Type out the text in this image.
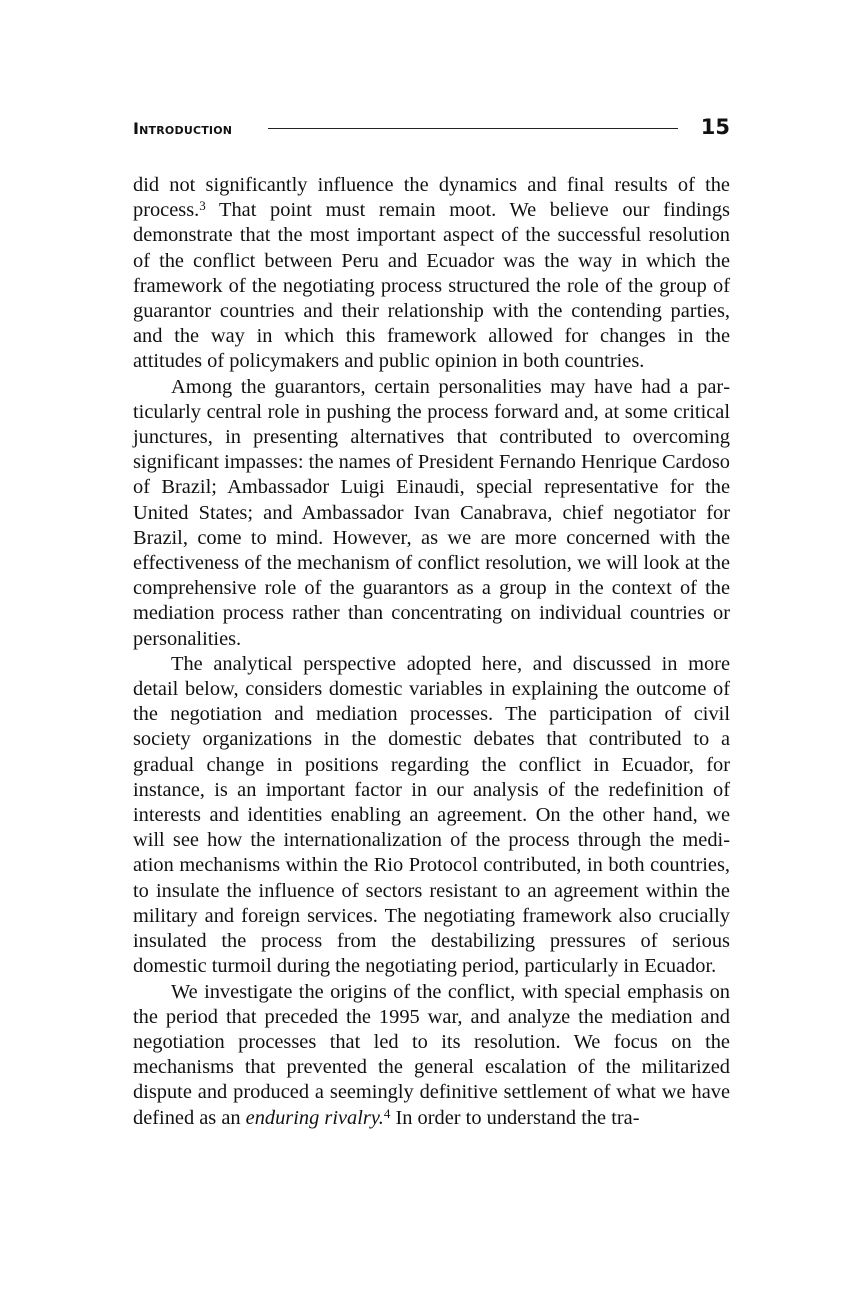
Introduction	15

did not significantly influence the dynamics and final results of the process.$^3$ That point must remain moot. We believe our findings demonstrate that the most important aspect of the successful resolution of the conflict between Peru and Ecuador was the way in which the framework of the negotiating process structured the role of the group of guarantor countries and their relationship with the contending parties, and the way in which this framework allowed for changes in the attitudes of policymakers and public opinion in both countries.

Among the guarantors, certain personalities may have had a particularly central role in pushing the process forward and, at some critical junctures, in presenting alternatives that contributed to overcoming significant impasses: the names of President Fernando Henrique Cardoso of Brazil; Ambassador Luigi Einaudi, special representative for the United States; and Ambassador Ivan Canabrava, chief negotiator for Brazil, come to mind. However, as we are more concerned with the effectiveness of the mechanism of conflict resolution, we will look at the comprehensive role of the guarantors as a group in the context of the mediation process rather than concentrating on individual countries or personalities.

The analytical perspective adopted here, and discussed in more detail below, considers domestic variables in explaining the outcome of the negotiation and mediation processes. The participation of civil society organizations in the domestic debates that contributed to a gradual change in positions regarding the conflict in Ecuador, for instance, is an important factor in our analysis of the redefinition of interests and identities enabling an agreement. On the other hand, we will see how the internationalization of the process through the mediation mechanisms within the Rio Protocol contributed, in both countries, to insulate the influence of sectors resistant to an agreement within the military and foreign services. The negotiating framework also crucially insulated the process from the destabilizing pressures of serious domestic turmoil during the negotiating period, particularly in Ecuador.

We investigate the origins of the conflict, with special emphasis on the period that preceded the 1995 war, and analyze the mediation and negotiation processes that led to its resolution. We focus on the mechanisms that prevented the general escalation of the militarized dispute and produced a seemingly definitive settlement of what we have defined as an enduring rivalry.$^4$ In order to understand the tra-
